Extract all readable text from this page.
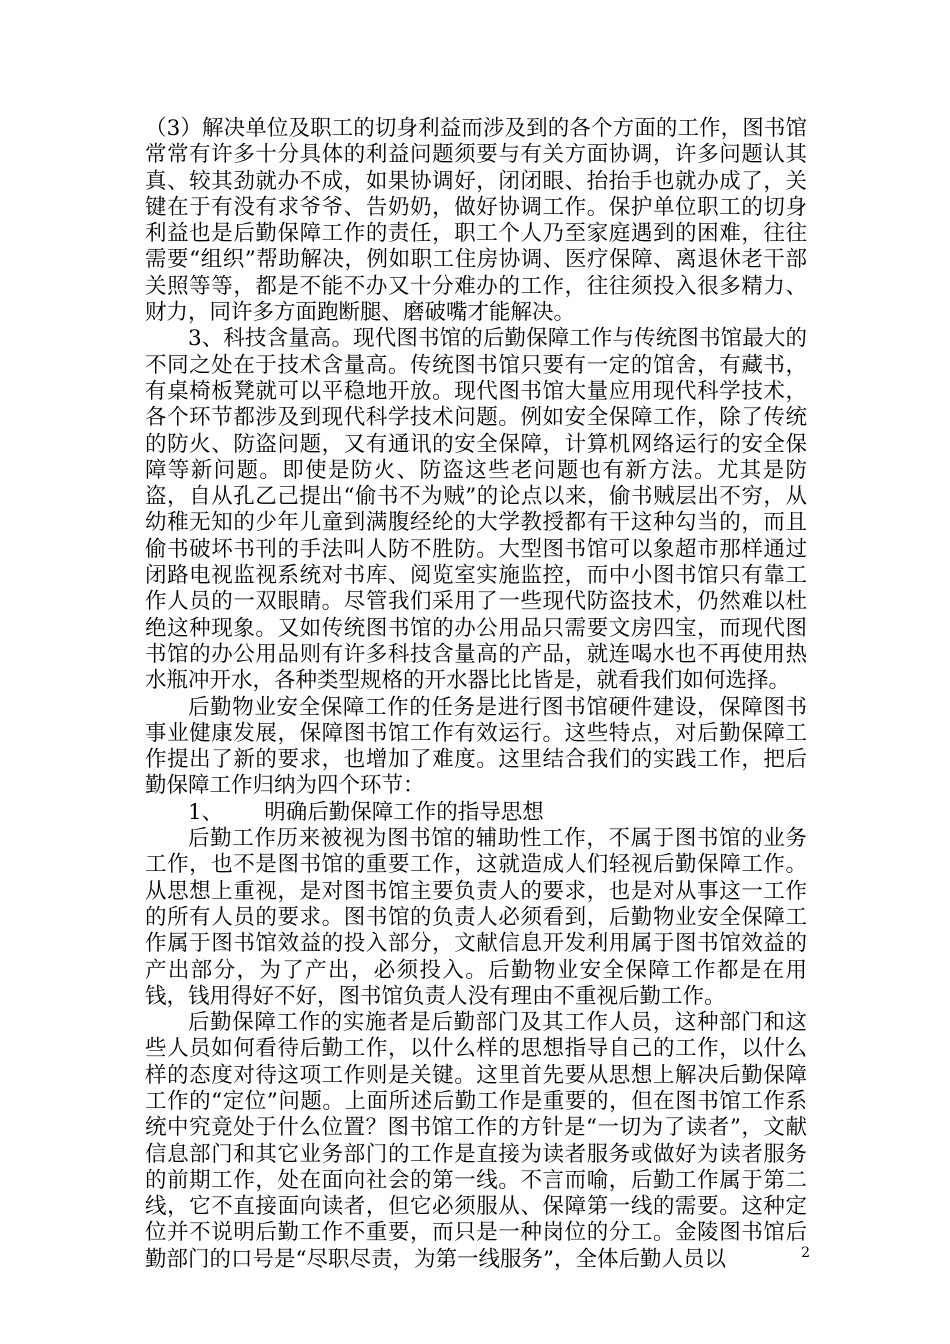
（3）解决单位及职工的切身利益而涉及到的各个方面的工作，图书馆常常有许多十分具体的利益问题须要与有关方面协调，许多问题认其真、较其劲就办不成，如果协调好，闭闭眼、抬抬手也就办成了，关键在于有没有求爷爷、告奶奶，做好协调工作。保护单位职工的切身利益也是后勤保障工作的责任，职工个人乃至家庭遇到的困难，往往需要“组织”帮助解决，例如职工住房协调、医疗保障、离退休老干部关照等等，都是不能不办又十分难办的工作，往往须投入很多精力、财力，同许多方面跑断腿、磨破嘴才能解决。

3、科技含量高。现代图书馆的后勤保障工作与传统图书馆最大的不同之处在于技术含量高。传统图书馆只要有一定的馆舍，有藏书，有桌椅板凳就可以平稳地开放。现代图书馆大量应用现代科学技术，各个环节都涉及到现代科学技术问题。例如安全保障工作，除了传统的防火、防盗问题，又有通讯的安全保障，计算机网络运行的安全保障等新问题。即使是防火、防盗这些老问题也有新方法。尤其是防盗，自从孔乙己提出“偷书不为贼”的论点以来，偷书贼层出不穷，从幼稚无知的少年儿童到满腹经纶的大学教授都有干这种勾当的，而且偷书破坏书刊的手法叫人防不胜防。大型图书馆可以象超市那样通过闭路电视监视系统对书库、阅览室实施监控，而中小图书馆只有靠工作人员的一双眼睛。尽管我们采用了一些现代防盗技术，仍然难以杜绝这种现象。又如传统图书馆的办公用品只需要文房四宝，而现代图书馆的办公用品则有许多科技含量高的产品，就连喝水也不再使用热水瓶冲开水，各种类型规格的开水器比比皆是，就看我们如何选择。

后勤物业安全保障工作的任务是进行图书馆硬件建设，保障图书事业健康发展，保障图书馆工作有效运行。这些特点，对后勤保障工作提出了新的要求，也增加了难度。这里结合我们的实践工作，把后勤保障工作归纳为四个环节：

1、 明确后勤保障工作的指导思想

后勤工作历来被视为图书馆的辅助性工作，不属于图书馆的业务工作，也不是图书馆的重要工作，这就造成人们轻视后勤保障工作。从思想上重视，是对图书馆主要负责人的要求，也是对从事这一工作的所有人员的要求。图书馆的负责人必须看到，后勤物业安全保障工作属于图书馆效益的投入部分，文献信息开发利用属于图书馆效益的产出部分，为了产出，必须投入。后勤物业安全保障工作都是在用钱，钱用得好不好，图书馆负责人没有理由不重视后勤工作。

后勤保障工作的实施者是后勤部门及其工作人员，这种部门和这些人员如何看待后勤工作，以什么样的思想指导自己的工作，以什么样的态度对待这项工作则是关键。这里首先要从思想上解决后勤保障工作的“定位”问题。上面所述后勤工作是重要的，但在图书馆工作系统中究竟处于什么位置？图书馆工作的方针是“一切为了读者”，文献信息部门和其它业务部门的工作是直接为读者服务或做好为读者服务的前期工作，处在面向社会的第一线。不言而喻，后勤工作属于第二线，它不直接面向读者，但它必须服从、保障第一线的需要。这种定位并不说明后勤工作不重要，而只是一种岗位的分工。金陵图书馆后勤部门的口号是“尽职尽责，为第一线服务”，全体后勤人员以	2
